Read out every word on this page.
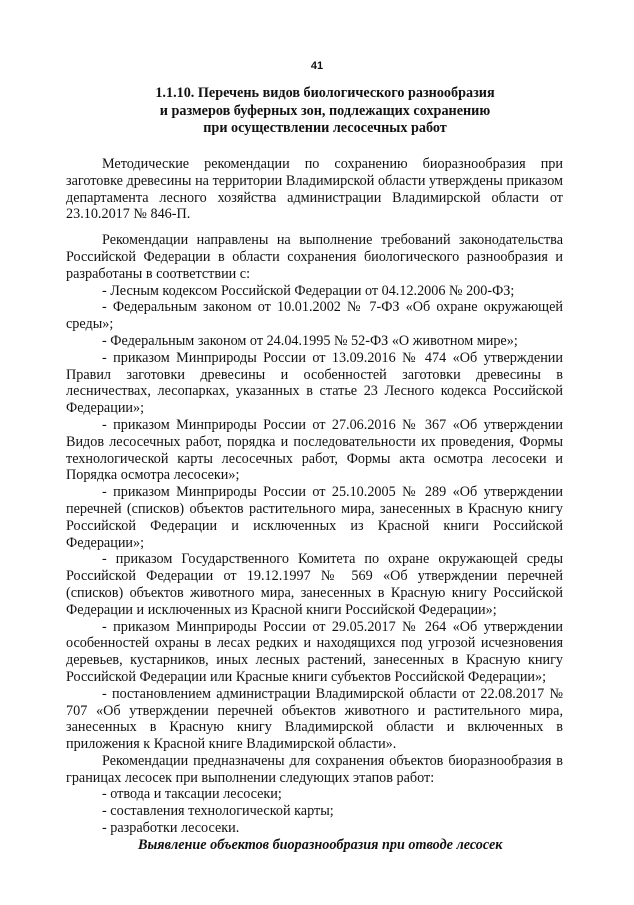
41
1.1.10. Перечень видов биологического разнообразия
и размеров буферных зон, подлежащих сохранению
при осуществлении лесосечных работ

Методические рекомендации по сохранению биоразнообразия при заготовке древесины на территории Владимирской области утверждены приказом департамента лесного хозяйства администрации Владимирской области от 23.10.2017 № 846-П.

Рекомендации направлены на выполнение требований законодательства Российской Федерации в области сохранения биологического разнообразия и разработаны в соответствии с:

- Лесным кодексом Российской Федерации от 04.12.2006 № 200-ФЗ;

- Федеральным законом от 10.01.2002 № 7-ФЗ «Об охране окружающей среды»;

- Федеральным законом от 24.04.1995 № 52-ФЗ «О животном мире»;

- приказом Минприроды России от 13.09.2016 № 474 «Об утверждении Правил заготовки древесины и особенностей заготовки древесины в лесничествах, лесопарках, указанных в статье 23 Лесного кодекса Российской Федерации»;

- приказом Минприроды России от 27.06.2016 № 367 «Об утверждении Видов лесосечных работ, порядка и последовательности их проведения, Формы технологической карты лесосечных работ, Формы акта осмотра лесосеки и Порядка осмотра лесосеки»;

- приказом Минприроды России от 25.10.2005 № 289 «Об утверждении перечней (списков) объектов растительного мира, занесенных в Красную книгу Российской Федерации и исключенных из Красной книги Российской Федерации»;

- приказом Государственного Комитета по охране окружающей среды Российской Федерации от 19.12.1997 № 569 «Об утверждении перечней (списков) объектов животного мира, занесенных в Красную книгу Российской Федерации и исключенных из Красной книги Российской Федерации»;

- приказом Минприроды России от 29.05.2017 № 264 «Об утверждении особенностей охраны в лесах редких и находящихся под угрозой исчезновения деревьев, кустарников, иных лесных растений, занесенных в Красную книгу Российской Федерации или Красные книги субъектов Российской Федерации»;

- постановлением администрации Владимирской области от 22.08.2017 № 707 «Об утверждении перечней объектов животного и растительного мира, занесенных в Красную книгу Владимирской области и включенных в приложения к Красной книге Владимирской области».

Рекомендации предназначены для сохранения объектов биоразнообразия в границах лесосек при выполнении следующих этапов работ:

- отвода и таксации лесосеки;

- составления технологической карты;

- разработки лесосеки.

Выявление объектов биоразнообразия при отводе лесосек
